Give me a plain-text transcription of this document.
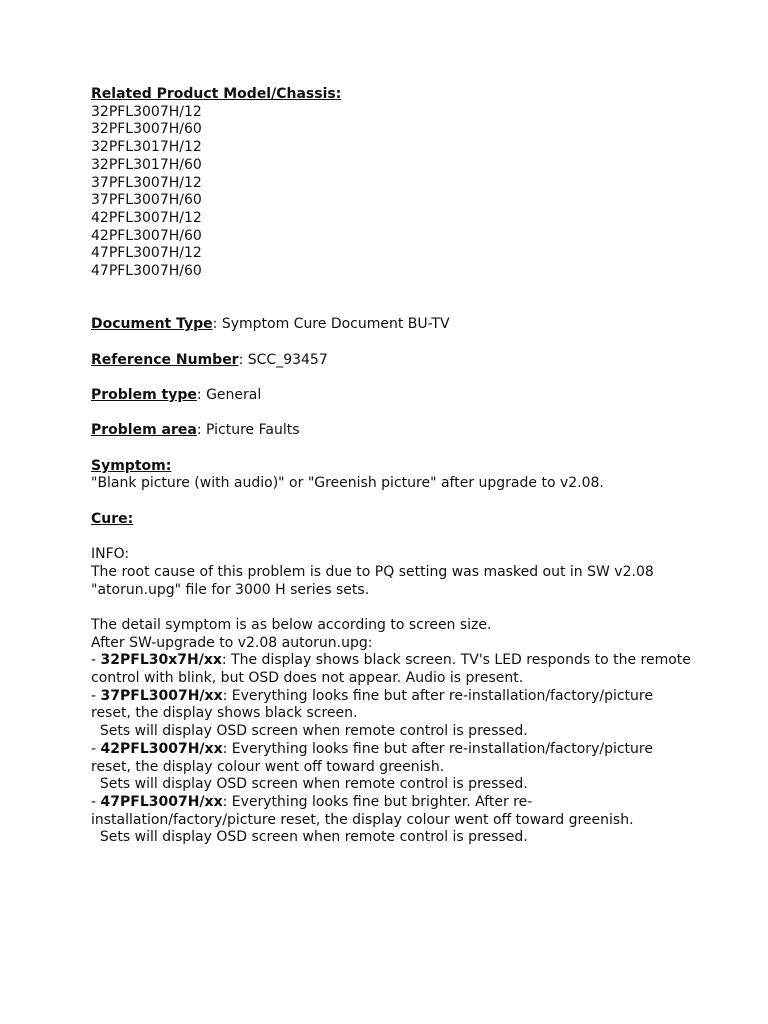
Related Product Model/Chassis:
32PFL3007H/12
32PFL3007H/60
32PFL3017H/12
32PFL3017H/60
37PFL3007H/12
37PFL3007H/60
42PFL3007H/12
42PFL3007H/60
47PFL3007H/12
47PFL3007H/60
Document Type: Symptom Cure Document BU-TV
Reference Number: SCC_93457
Problem type: General
Problem area: Picture Faults
Symptom:
"Blank picture (with audio)" or "Greenish picture" after upgrade to v2.08.
Cure:
INFO:
The root cause of this problem is due to PQ setting was masked out in SW v2.08 "atorun.upg" file for 3000 H series sets.
The detail symptom is as below according to screen size.
After SW-upgrade to v2.08 autorun.upg:
- 32PFL30x7H/xx: The display shows black screen. TV's LED responds to the remote control with blink, but OSD does not appear. Audio is present.
- 37PFL3007H/xx: Everything looks fine but after re-installation/factory/picture reset, the display shows black screen.
Sets will display OSD screen when remote control is pressed.
- 42PFL3007H/xx: Everything looks fine but after re-installation/factory/picture reset, the display colour went off toward greenish.
Sets will display OSD screen when remote control is pressed.
- 47PFL3007H/xx: Everything looks fine but brighter. After re-installation/factory/picture reset, the display colour went off toward greenish.
Sets will display OSD screen when remote control is pressed.
